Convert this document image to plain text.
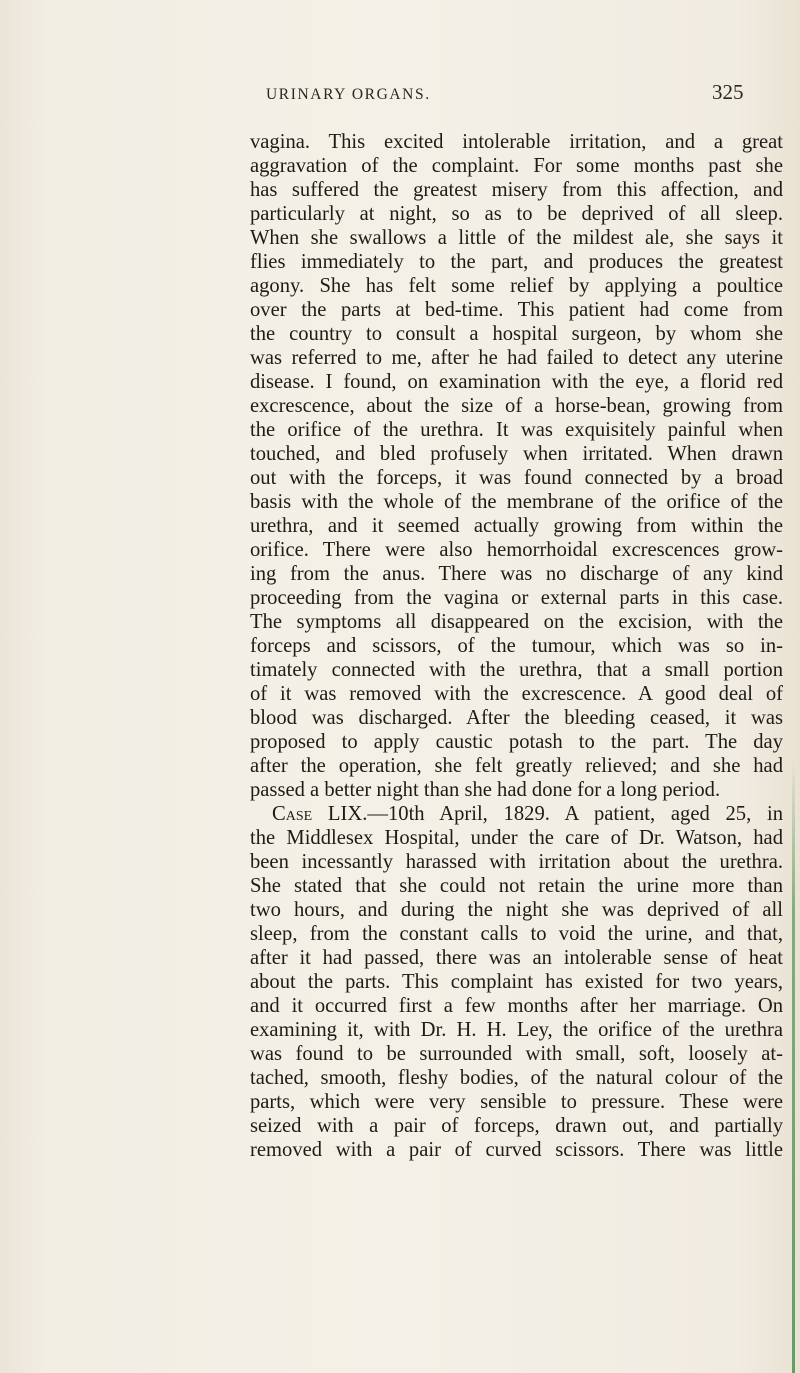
URINARY ORGANS.	325
vagina. This excited intolerable irritation, and a great
aggravation of the complaint. For some months past she
has suffered the greatest misery from this affection, and
particularly at night, so as to be deprived of all sleep.
When she swallows a little of the mildest ale, she says it
flies immediately to the part, and produces the greatest
agony. She has felt some relief by applying a poultice
over the parts at bed-time. This patient had come from
the country to consult a hospital surgeon, by whom she
was referred to me, after he had failed to detect any uterine
disease. I found, on examination with the eye, a florid red
excrescence, about the size of a horse-bean, growing from
the orifice of the urethra. It was exquisitely painful when
touched, and bled profusely when irritated. When drawn
out with the forceps, it was found connected by a broad
basis with the whole of the membrane of the orifice of the
urethra, and it seemed actually growing from within the
orifice. There were also hemorrhoidal excrescences grow-
ing from the anus. There was no discharge of any kind
proceeding from the vagina or external parts in this case.
The symptoms all disappeared on the excision, with the
forceps and scissors, of the tumour, which was so in-
timately connected with the urethra, that a small portion
of it was removed with the excrescence. A good deal of
blood was discharged. After the bleeding ceased, it was
proposed to apply caustic potash to the part. The day
after the operation, she felt greatly relieved; and she had
passed a better night than she had done for a long period.
Case LIX.—10th April, 1829. A patient, aged 25, in
the Middlesex Hospital, under the care of Dr. Watson, had
been incessantly harassed with irritation about the urethra.
She stated that she could not retain the urine more than
two hours, and during the night she was deprived of all
sleep, from the constant calls to void the urine, and that,
after it had passed, there was an intolerable sense of heat
about the parts. This complaint has existed for two years,
and it occurred first a few months after her marriage. On
examining it, with Dr. H. H. Ley, the orifice of the urethra
was found to be surrounded with small, soft, loosely at-
tached, smooth, fleshy bodies, of the natural colour of the
parts, which were very sensible to pressure. These were
seized with a pair of forceps, drawn out, and partially
removed with a pair of curved scissors. There was little
